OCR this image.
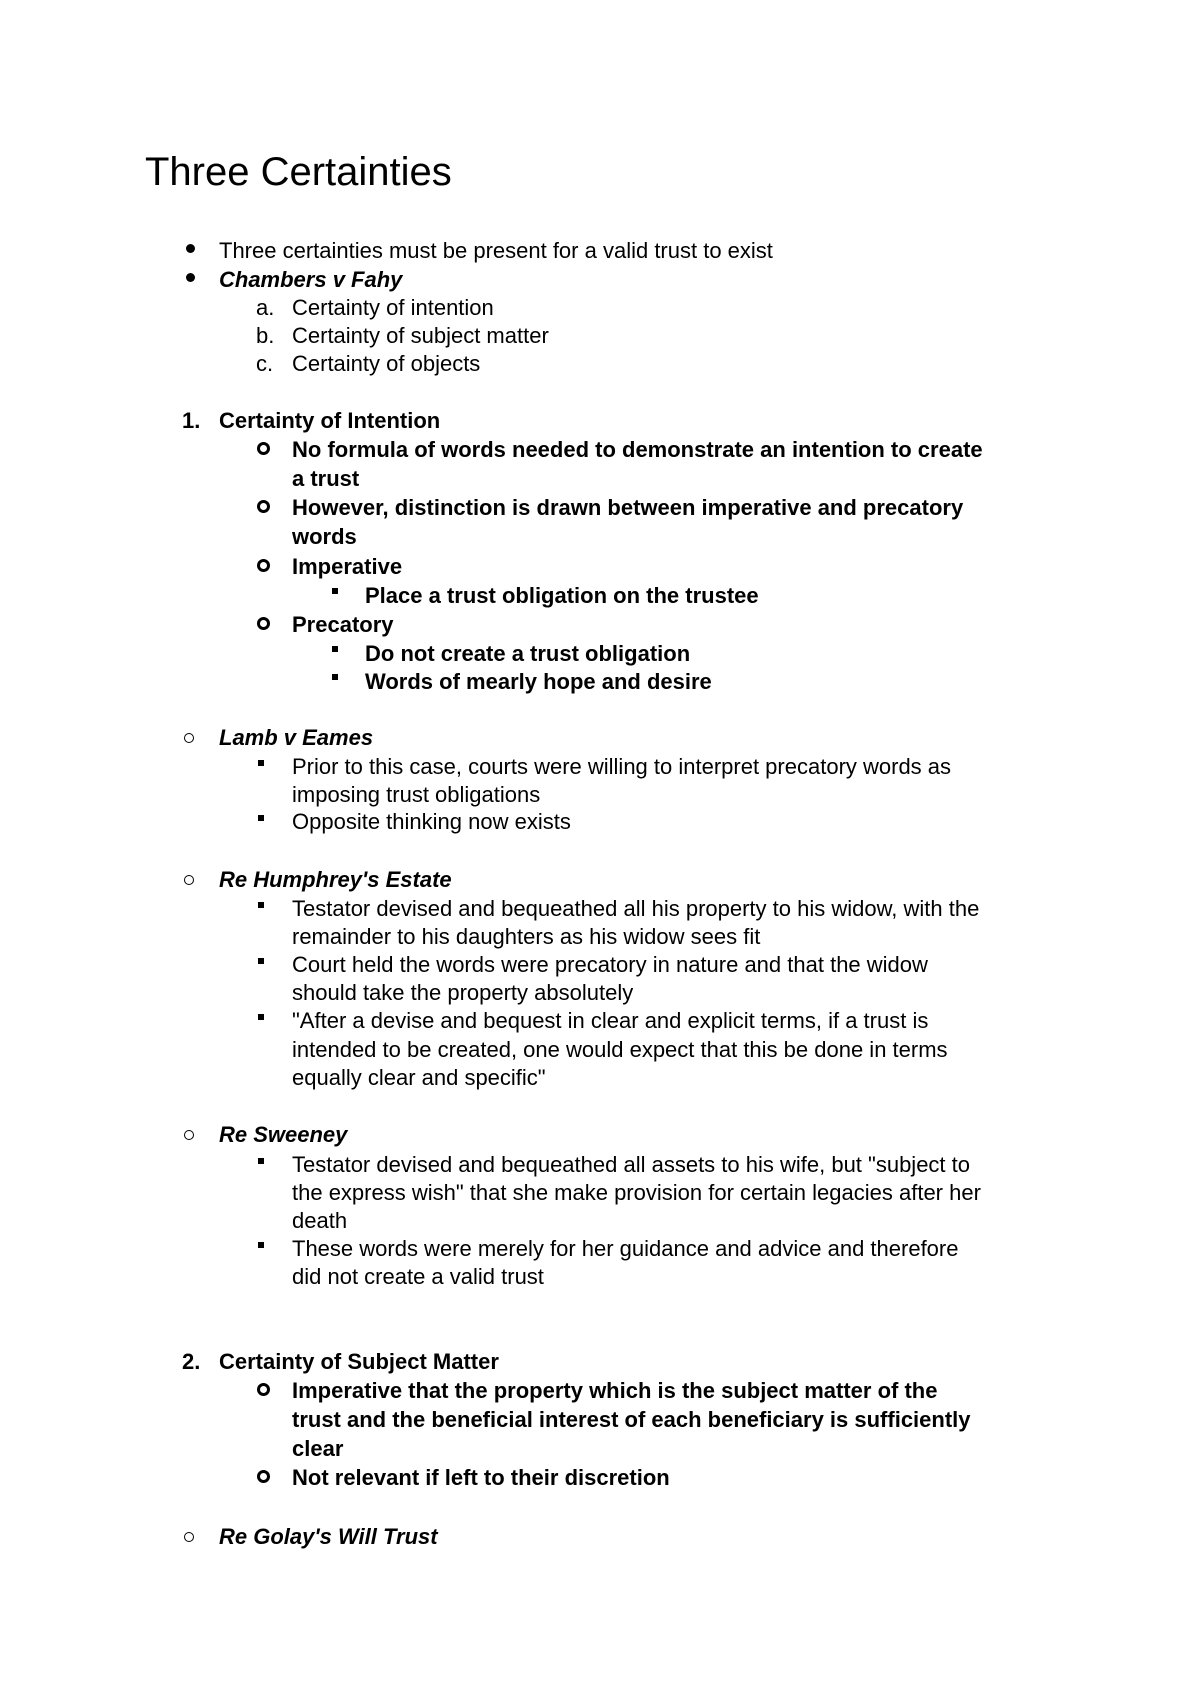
Three Certainties
Three certainties must be present for a valid trust to exist
Chambers v Fahy
a. Certainty of intention
b. Certainty of subject matter
c. Certainty of objects
1. Certainty of Intention
No formula of words needed to demonstrate an intention to create
a trust
However, distinction is drawn between imperative and precatory
words
Imperative
Place a trust obligation on the trustee
Precatory
Do not create a trust obligation
Words of mearly hope and desire
Lamb v Eames
Prior to this case, courts were willing to interpret precatory words as
imposing trust obligations
Opposite thinking now exists
Re Humphrey's Estate
Testator devised and bequeathed all his property to his widow, with the
remainder to his daughters as his widow sees fit
Court held the words were precatory in nature and that the widow
should take the property absolutely
"After a devise and bequest in clear and explicit terms, if a trust is
intended to be created, one would expect that this be done in terms
equally clear and specific"
Re Sweeney
Testator devised and bequeathed all assets to his wife, but "subject to
the express wish" that she make provision for certain legacies after her
death
These words were merely for her guidance and advice and therefore
did not create a valid trust
2. Certainty of Subject Matter
Imperative that the property which is the subject matter of the
trust and the beneficial interest of each beneficiary is sufficiently
clear
Not relevant if left to their discretion
Re Golay's Will Trust
